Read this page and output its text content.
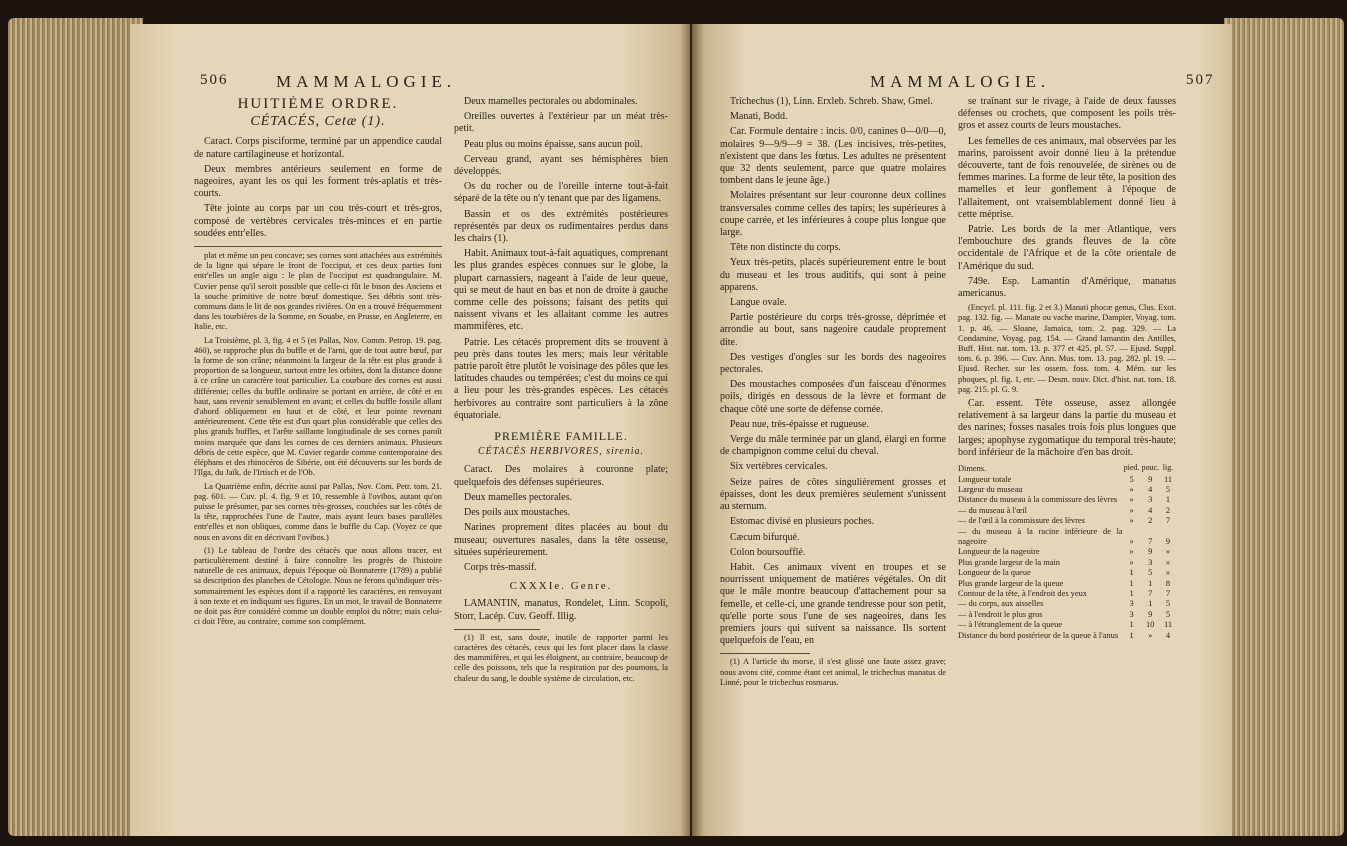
506	MAMMALOGIE.
HUITIÈME ORDRE.
CÉTACÉS, Cetæ (1).

Caract. Corps pisciforme, terminé par un appendice caudal de nature cartilagineuse et horizontal.

Deux membres antérieurs seulement en forme de nageoires, ayant les os qui les forment très-aplatis et très-courts.

Tête jointe au corps par un cou très-court et très-gros, composé de vertèbres cervicales très-minces et en partie soudées entr'elles.

plat et même un peu concave; ses cornes sont attachées aux extrémités de la ligne qui sépare le front de l'occiput, et ces deux parties font entr'elles un angle aigu : le plan de l'occiput est quadrangulaire. M. Cuvier pense qu'il seroit possible que celle-ci fût le bison des Anciens et la souche primitive de notre bœuf domestique. Ses débris sont très-communs dans le lit de nos grandes rivières. On en a trouvé fréquemment dans les tourbières de la Somme, en Souabe, en Prusse, en Angleterre, en Italie, etc.

La Troisième, pl. 3, fig. 4 et 5 (et Pallas, Nov. Comm. Petrop. 19. pag. 460), se rapproche plus du buffle et de l'arni, que de tout autre bœuf, par la forme de son crâne; néanmoins la largeur de la tête est plus grande à proportion de sa longueur, surtout entre les orbites, dont la distance donne à ce crâne un caractère tout particulier. La courbure des cornes est aussi différente; celles du buffle ordinaire se portant en arrière, de côté et en haut, sans revenir sensiblement en avant; et celles du buffle fossile allant d'abord obliquement en haut et de côté, et leur pointe revenant antérieurement. Cette tête est d'un quart plus considérable que celles des plus grands buffles, et l'arête saillante longitudinale de ses cornes paroît moins marquée que dans les cornes de ces derniers animaux. Plusieurs débris de cette espèce, que M. Cuvier regarde comme contemporaine des éléphans et des rhinocéros de Sibérie, ont été découverts sur les bords de l'Ilga, du Jaïk, de l'Irtisch et de l'Ob.

La Quatrième enfin, décrite aussi par Pallas, Nov. Com. Petr. tom. 21. pag. 601. — Cuv. pl. 4. fig. 9 et 10, ressemble à l'ovibos, autant qu'on puisse le présumer, par ses cornes très-grosses, couchées sur les côtés de la tête, rapprochées l'une de l'autre, mais ayant leurs bases parallèles entr'elles et non obliques, comme dans le buffle du Cap. (Voyez ce que nous en avons dit en décrivant l'ovibos.)

(1) Le tableau de l'ordre des cétacés que nous allons tracer, est particulièrement destiné à faire connoître les progrès de l'histoire naturelle de ces animaux, depuis l'époque où Bonnaterre (1789) a publié sa description des planches de Cétologie. Nous ne ferons qu'indiquer très-sommairement les espèces dont il a rapporté les caractères, en renvoyant à son texte et en indiquant ses figures. En un mot, le travail de Bonnaterre ne doit pas être considéré comme un double emploi du nôtre; mais celui-ci doit l'être, au contraire, comme son complément.

Deux mamelles pectorales ou abdominales.

Oreilles ouvertes à l'extérieur par un méat très-petit.

Peau plus ou moins épaisse, sans aucun poil.

Cerveau grand, ayant ses hémisphères bien développés.

Os du rocher ou de l'oreille interne tout-à-fait séparé de la tête ou n'y tenant que par des ligamens.

Bassin et os des extrémités postérieures représentés par deux os rudimentaires perdus dans les chairs (1).

Habit. Animaux tout-à-fait aquatiques, comprenant les plus grandes espèces connues sur le globe, la plupart carnassiers, nageant à l'aide de leur queue, qui se meut de haut en bas et non de droite à gauche comme celle des poissons; faisant des petits qui naissent vivans et les allaitant comme les autres mammifères, etc.

Patrie. Les cétacés proprement dits se trouvent à peu près dans toutes les mers; mais leur véritable patrie paroît être plutôt le voisinage des pôles que les latitudes chaudes ou tempérées; c'est du moins ce qui a lieu pour les très-grandes espèces. Les cétacés herbivores au contraire sont particuliers à la zône équatoriale.

PREMIÈRE FAMILLE.
CÉTACÉS HERBIVORES, sirenia.

Caract. Des molaires à couronne plate; quelquefois des défenses supérieures.

Deux mamelles pectorales.

Des poils aux moustaches.

Narines proprement dites placées au bout du museau; ouvertures nasales, dans la tête osseuse, situées supérieurement.

Corps très-massif.

CXXXIe. Genre.

LAMANTIN, manatus, Rondelet, Linn. Scopoli, Storr, Lacép. Cuv. Geoff. Illig.

(1) Il est, sans doute, inutile de rapporter parmi les caractères des cétacés, ceux qui les font placer dans la classe des mammifères, et qui les éloignent, au contraire, beaucoup de celle des poissons, tels que la respiration par des poumons, la chaleur du sang, le double système de circulation, etc.

MAMMALOGIE.	507

Trichechus (1), Linn. Erxleb. Schreb. Shaw, Gmel.

Manati, Bodd.

Car. Formule dentaire : incis. 0/0, canines 0—0/0—0, molaires 9—9/9—9 = 38. (Les incisives, très-petites, n'existent que dans les fœtus. Les adultes ne présentent que 32 dents seulement, parce que quatre molaires tombent dans le jeune âge.)

Molaires présentant sur leur couronne deux collines transversales comme celles des tapirs; les supérieures à coupe carrée, et les inférieures à coupe plus longue que large.

Tête non distincte du corps.

Yeux très-petits, placés supérieurement entre le bout du museau et les trous auditifs, qui sont à peine apparens.

Langue ovale.

Partie postérieure du corps très-grosse, déprimée et arrondie au bout, sans nageoire caudale proprement dite.

Des vestiges d'ongles sur les bords des nageoires pectorales.

Des moustaches composées d'un faisceau d'énormes poils, dirigés en dessous de la lèvre et formant de chaque côté une sorte de défense cornée.

Peau nue, très-épaisse et rugueuse.

Verge du mâle terminée par un gland, élargi en forme de champignon comme celui du cheval.

Six vertèbres cervicales.

Seize paires de côtes singulièrement grosses et épaisses, dont les deux premières seulement s'unissent au sternum.

Estomac divisé en plusieurs poches.

Cæcum bifurqué.

Colon boursoufflé.

Habit. Ces animaux vivent en troupes et se nourrissent uniquement de matières végétales. On dit que le mâle montre beaucoup d'attachement pour sa femelle, et celle-ci, une grande tendresse pour son petit, qu'elle porte sous l'une de ses nageoires, dans les premiers jours qui suivent sa naissance. Ils sortent quelquefois de l'eau, en

(1) A l'article du morse, il s'est glissé une faute assez grave; nous avons cité, comme étant cet animal, le trichechus manatus de Linné, pour le trichechus rosmarus.

se traînant sur le rivage, à l'aide de deux fausses défenses ou crochets, que composent les poils très-gros et assez courts de leurs moustaches.

Les femelles de ces animaux, mal observées par les marins, paroissent avoir donné lieu à la prétendue découverte, tant de fois renouvelée, de sirènes ou de femmes marines. La forme de leur tête, la position des mamelles et leur gonflement à l'époque de l'allaitement, ont vraisemblablement donné lieu à cette méprise.

Patrie. Les bords de la mer Atlantique, vers l'embouchure des grands fleuves de la côte occidentale de l'Afrique et de la côte orientale de l'Amérique du sud.

749e. Esp. Lamantin d'Amérique, manatus americanus.

(Encycl. pl. 111. fig. 2 et 3.) Manati phocæ genus, Clus. Exot. pag. 132. fig. — Manate ou vache marine, Dampier, Voyag. tom. 1. p. 46. — Sloane, Jamaica, tom. 2. pag. 329. — La Condamine, Voyag. pag. 154. — Grand lamantin des Antilles, Buff. Hist. nat. tom. 13. p. 377 et 425. pl. 57. — Ejusd. Suppl. tom. 6. p. 396. — Cuv. Ann. Mus. tom. 13. pag. 282. pl. 19. — Ejusd. Recher. sur les ossem. foss. tom. 4. Mém. sur les phoques, pl. fig. 1, etc. — Desm. nouv. Dict. d'hist. nat. tom. 18. pag. 215. pl. G. 9.

Car. essent. Tête osseuse, assez allongée relativement à sa largeur dans la partie du museau et des narines; fosses nasales trois fois plus longues que larges; apophyse zygomatique du temporal très-haute; bord inférieur de la mâchoire d'en bas droit.

Dimens.	pied.	pouc.	lig.
Longueur totale	5	9	11
Largeur du museau	»	4	5
Distance du museau à la commissure des lèvres	»	3	1
— du museau à l'œil	»	4	2
— de l'œil à la commissure des lèvres	»	2	7
— du museau à la racine inférieure de la nageoire	»	7	9
Longueur de la nageoire	»	9	»
Plus grande largeur de la main	»	3	»
Longueur de la queue	1	5	»
Plus grande largeur de la queue	1	1	8
Contour de la tête, à l'endroit des yeux	1	7	7
— du corps, aux aisselles	3	1	5
— à l'endroit le plus gros	3	9	5
— à l'étranglement de la queue	1	10	11
Distance du bord postérieur de la queue à l'anus	1	»	4
